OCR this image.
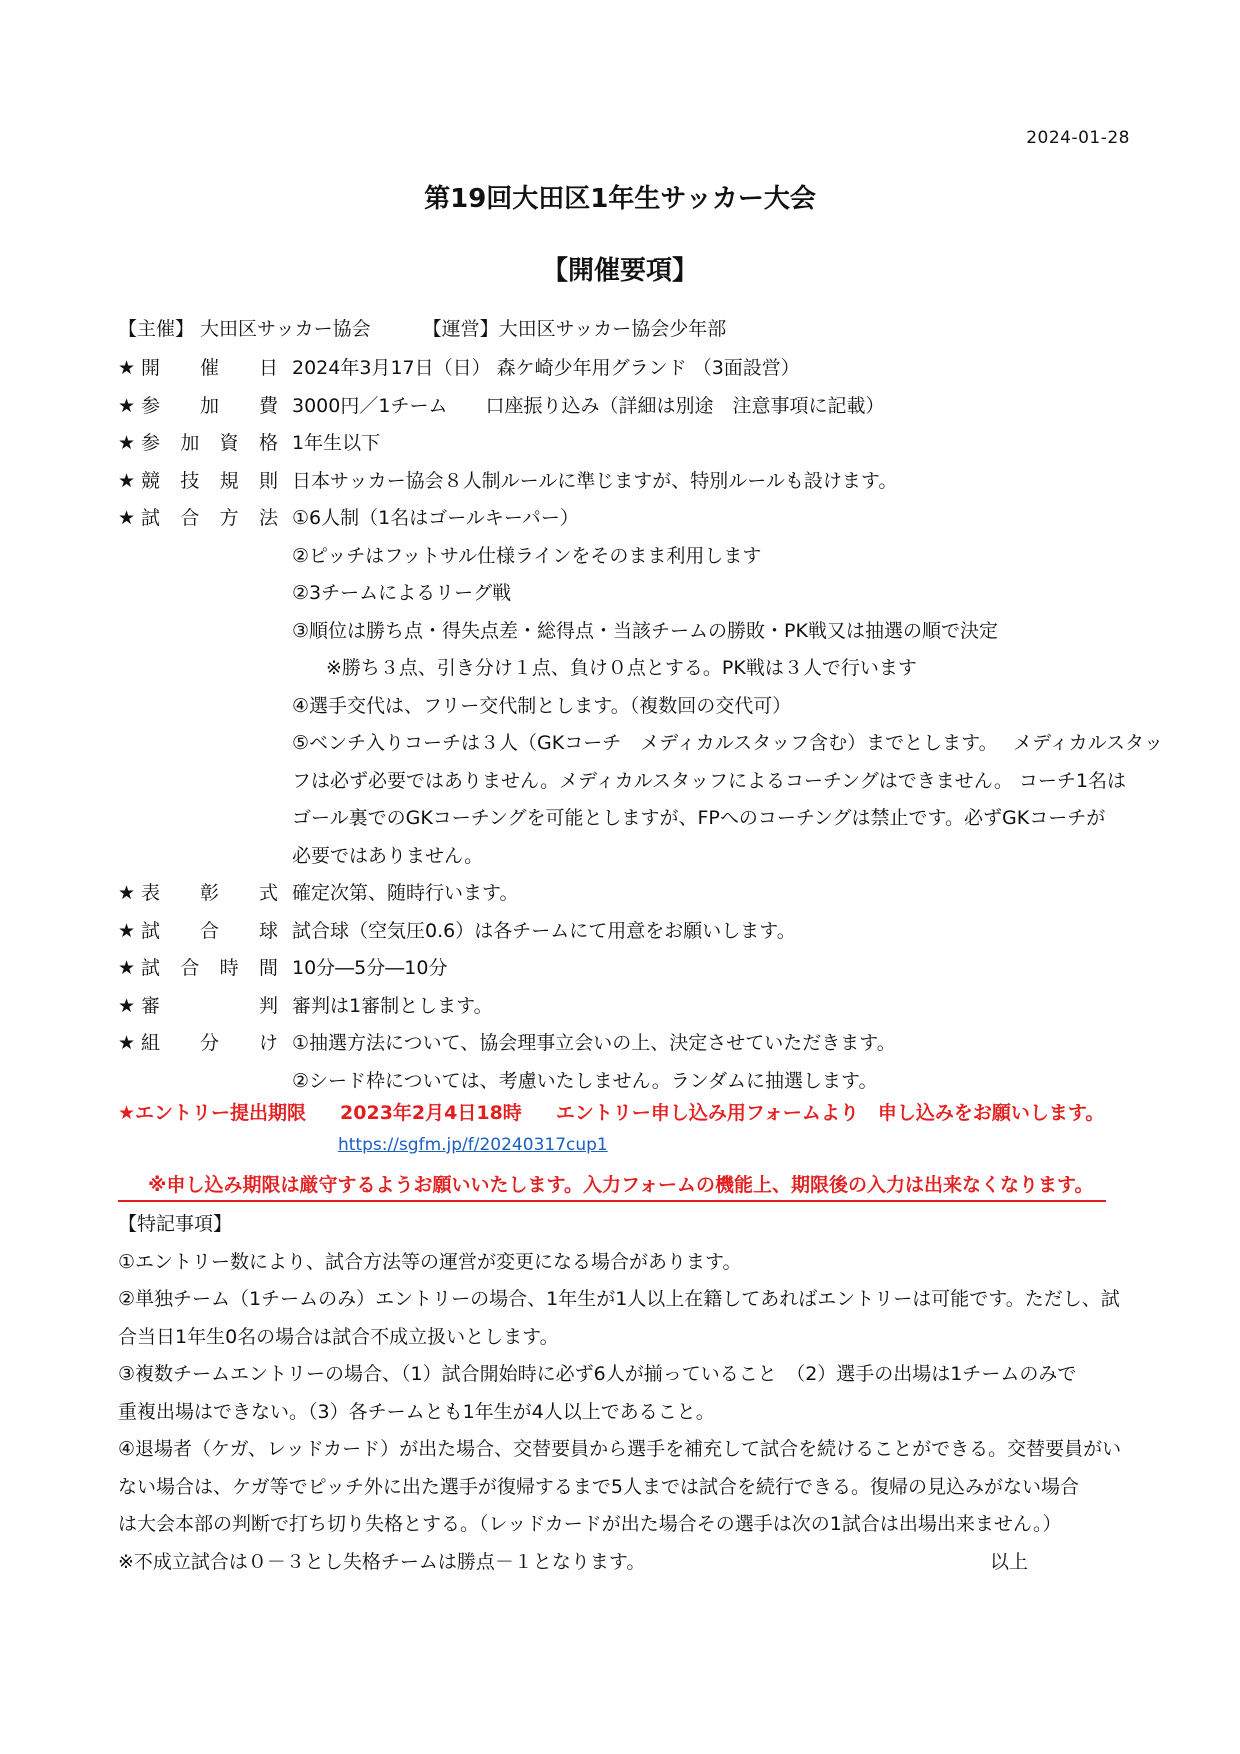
2024-01-28
第19回大田区1年生サッカー大会
【開催要項】
【主催】 大田区サッカー協会	【運営】大田区サッカー協会少年部
★ 開 催 日 2024年3月17日（日） 森ケ崎少年用グランド （3面設営）
★ 参 加 費 3000円／1チーム　　口座振り込み（詳細は別途　注意事項に記載）
★ 参 加 資 格 1年生以下
★ 競 技 規 則 日本サッカー協会８人制ルールに準じますが、特別ルールも設けます。
★ 試 合 方 法 ①6人制（1名はゴールキーパー）
②ピッチはフットサル仕様ラインをそのまま利用します
②3チームによるリーグ戦
③順位は勝ち点・得失点差・総得点・当該チームの勝敗・PK戦又は抽選の順で決定
※勝ち３点、引き分け１点、負け０点とする。PK戦は３人で行います
④選手交代は、フリー交代制とします。（複数回の交代可）
⑤ベンチ入りコーチは３人（GKコーチ　メディカルスタッフ含む）までとします。　 メディカルスタッ
フは必ず必要ではありません。メディカルスタッフによるコーチングはできません。 コーチ1名は
ゴール裏でのGKコーチングを可能としますが、FPへのコーチングは禁止です。必ずGKコーチが
必要ではありません。
★ 表 彰 式 確定次第、随時行います。
★ 試 合 球 試合球（空気圧0.6）は各チームにて用意をお願いします。
★ 試 合 時 間 10分―5分―10分
★ 審	判 審判は1審制とします。
★ 組 分 け ①抽選方法について、協会理事立会いの上、決定させていただきます。
②シード枠については、考慮いたしません。ランダムに抽選します。
★エントリー提出期限 2023年2月4日18時 エントリー申し込み用フォームより　申し込みをお願いします。
https://sgfm.jp/f/20240317cup1
※申し込み期限は厳守するようお願いいたします。入力フォームの機能上、期限後の入力は出来なくなります。

【特記事項】

①エントリー数により、試合方法等の運営が変更になる場合があります。

②単独チーム（1チームのみ）エントリーの場合、1年生が1人以上在籍してあればエントリーは可能です。ただし、試

合当日1年生0名の場合は試合不成立扱いとします。

③複数チームエントリーの場合、（1）試合開始時に必ず6人が揃っていること　（2）選手の出場は1チームのみで

重複出場はできない。（3）各チームとも1年生が4人以上であること。

④退場者（ケガ、レッドカード）が出た場合、交替要員から選手を補充して試合を続けることができる。交替要員がい

ない場合は、ケガ等でピッチ外に出た選手が復帰するまで5人までは試合を続行できる。復帰の見込みがない場合

は大会本部の判断で打ち切り失格とする。（レッドカードが出た場合その選手は次の1試合は出場出来ません。）

※不成立試合は０－３とし失格チームは勝点－１となります。	以上
